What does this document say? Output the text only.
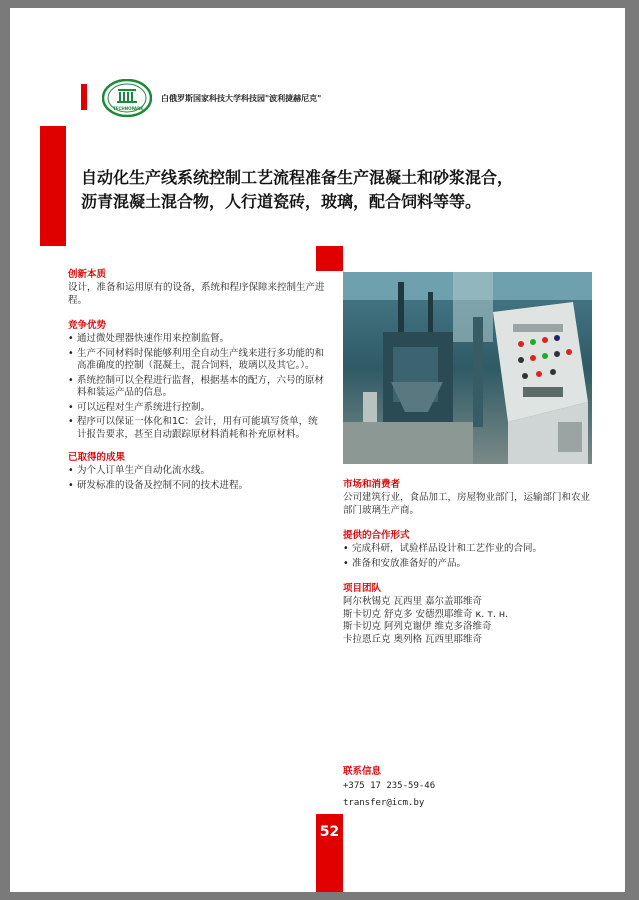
TECHNOPARK
白俄罗斯国家科技大学科技园"波利捷赫尼克"
自动化生产线系统控制工艺流程准备生产混凝土和砂浆混合，
沥青混凝土混合物，人行道瓷砖，玻璃，配合饲料等等。
创新本质
设计，准备和运用原有的设备，系统和程序保障来控制生产进程。
竞争优势
• 通过微处理器快速作用来控制监督。
• 生产不同材料时保能够利用全自动生产线来进行多功能的和高准确度的控制（混凝土，混合饲料，玻璃以及其它。）。
• 系统控制可以全程进行监督，根据基本的配方，六号的原材料和装运产品的信息。
• 可以远程对生产系统进行控制。
• 程序可以保证一体化和1C：会计，用有可能填写货单，统计报告要求，甚至自动跟踪原材料消耗和补充原材料。
已取得的成果
• 为个人订单生产自动化流水线。
• 研发标准的设备及控制不同的技术进程。	市场和消费者
公司建筑行业，食品加工，房屋物业部门，运输部门和农业部门玻璃生产商。
提供的合作形式
• 完成科研，试验样品设计和工艺作业的合同。
• 准备和安放准备好的产品。
项目团队
阿尔秋锡克 瓦西里 嘉尔盖耶维奇
斯卡切克 舒克多 安德烈耶维奇 к. т. н.
斯卡切克 阿列克谢伊 维克多洛维奇
卡拉恩丘克 奥列格 瓦西里耶维奇
联系信息
+375 17 235-59-46
transfer@icm.by
52
